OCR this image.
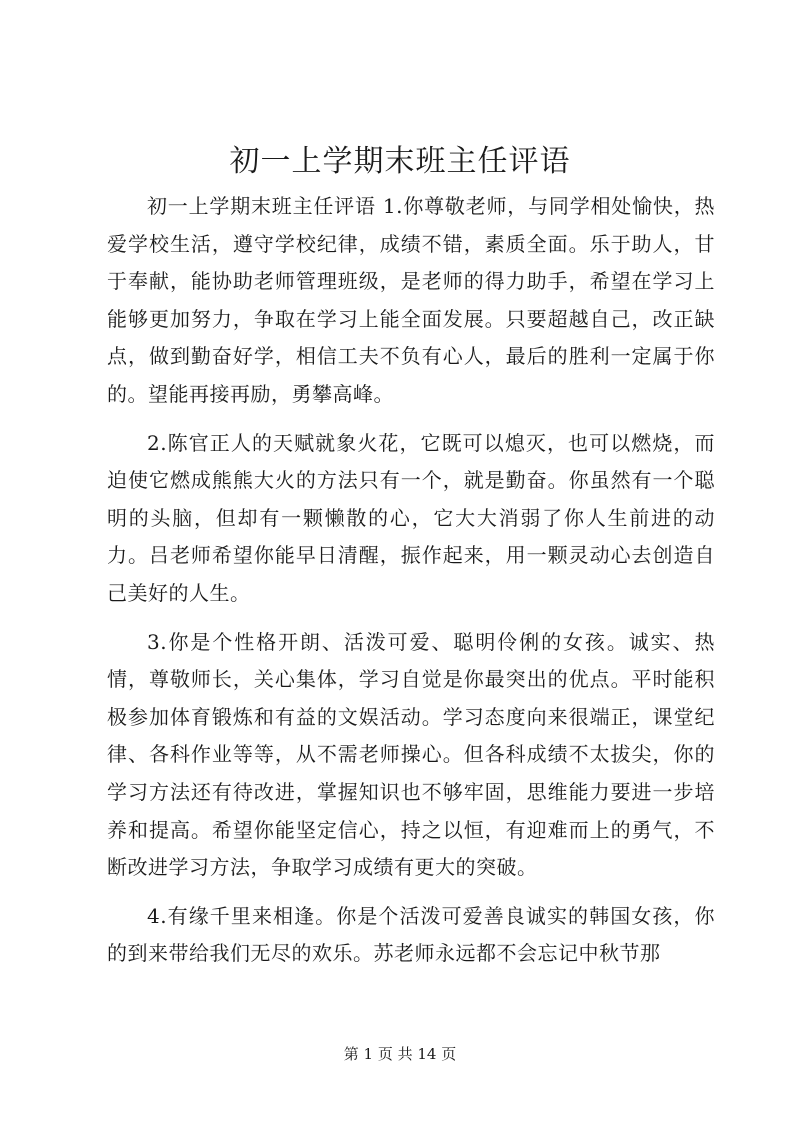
初一上学期末班主任评语

初一上学期末班主任评语 1.你尊敬老师，与同学相处愉快，热爱学校生活，遵守学校纪律，成绩不错，素质全面。乐于助人，甘于奉献，能协助老师管理班级，是老师的得力助手，希望在学习上能够更加努力，争取在学习上能全面发展。只要超越自己，改正缺点，做到勤奋好学，相信工夫不负有心人，最后的胜利一定属于你的。望能再接再励，勇攀高峰。

2.陈官正人的天赋就象火花，它既可以熄灭，也可以燃烧，而迫使它燃成熊熊大火的方法只有一个，就是勤奋。你虽然有一个聪明的头脑，但却有一颗懒散的心，它大大消弱了你人生前进的动力。吕老师希望你能早日清醒，振作起来，用一颗灵动心去创造自己美好的人生。

3.你是个性格开朗、活泼可爱、聪明伶俐的女孩。诚实、热情，尊敬师长，关心集体，学习自觉是你最突出的优点。平时能积极参加体育锻炼和有益的文娱活动。学习态度向来很端正，课堂纪律、各科作业等等，从不需老师操心。但各科成绩不太拔尖，你的学习方法还有待改进，掌握知识也不够牢固，思维能力要进一步培养和提高。希望你能坚定信心，持之以恒，有迎难而上的勇气，不断改进学习方法，争取学习成绩有更大的突破。

4.有缘千里来相逢。你是个活泼可爱善良诚实的韩国女孩，你的到来带给我们无尽的欢乐。苏老师永远都不会忘记中秋节那

第 1 页 共 14 页
